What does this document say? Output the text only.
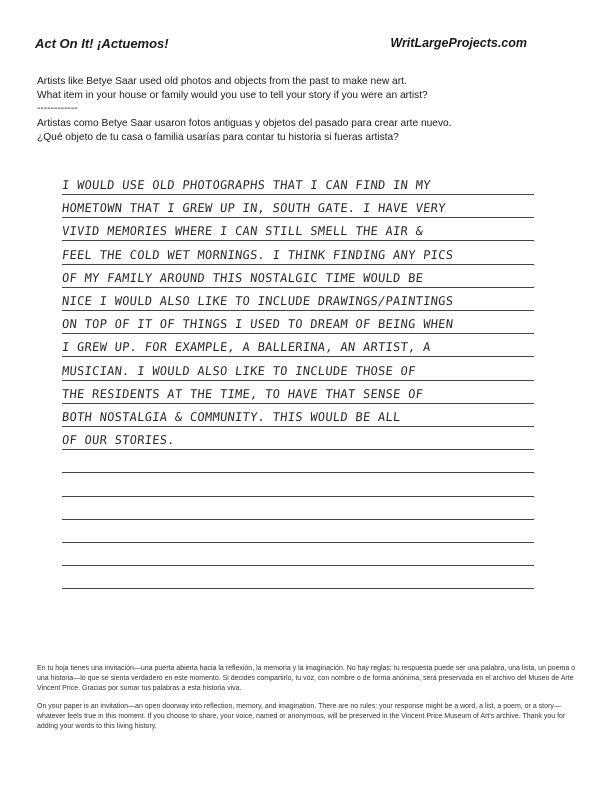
Act On It! ¡Actuemos!	WritLargeProjects.com
Artists like Betye Saar used old photos and objects from the past to make new art.
What item in your house or family would you use to tell your story if you were an artist?
------------
Artistas como Betye Saar usaron fotos antiguas y objetos del pasado para crear arte nuevo.
¿Qué objeto de tu casa o familia usarías para contar tu historia si fueras artista?
I WOULD USE OLD PHOTOGRAPHS THAT I CAN FIND IN MY
HOMETOWN THAT I GREW UP IN, SOUTH GATE. I HAVE VERY
VIVID MEMORIES WHERE I CAN STILL SMELL THE AIR &
FEEL THE COLD WET MORNINGS. I THINK FINDING ANY PICS
OF MY FAMILY AROUND THIS NOSTALGIC TIME WOULD BE
NICE I WOULD ALSO LIKE TO INCLUDE DRAWINGS/PAINTINGS
ON TOP OF IT OF THINGS I USED TO DREAM OF BEING WHEN
I GREW UP. FOR EXAMPLE, A BALLERINA, AN ARTIST, A
MUSICIAN. I WOULD ALSO LIKE TO INCLUDE THOSE OF
THE RESIDENTS AT THE TIME, TO HAVE THAT SENSE OF
BOTH NOSTALGIA & COMMUNITY. THIS WOULD BE ALL
OF OUR STORIES.
En tu hoja tienes una invitación—una puerta abierta hacia la reflexión, la memoria y la imaginación. No hay reglas: tu respuesta puede ser una palabra, una lista, un poema o una historia—lo que se sienta verdadero en este momento. Si decides compartirlo, tu voz, con nombre o de forma anónima, será preservada en el archivo del Museo de Arte Vincent Price. Gracias por sumar tus palabras a esta historia viva.
On your paper is an invitation—an open doorway into reflection, memory, and imagination. There are no rules: your response might be a word, a list, a poem, or a story—whatever feels true in this moment. If you choose to share, your voice, named or anonymous, will be preserved in the Vincent Price Museum of Art's archive. Thank you for adding your words to this living history.
